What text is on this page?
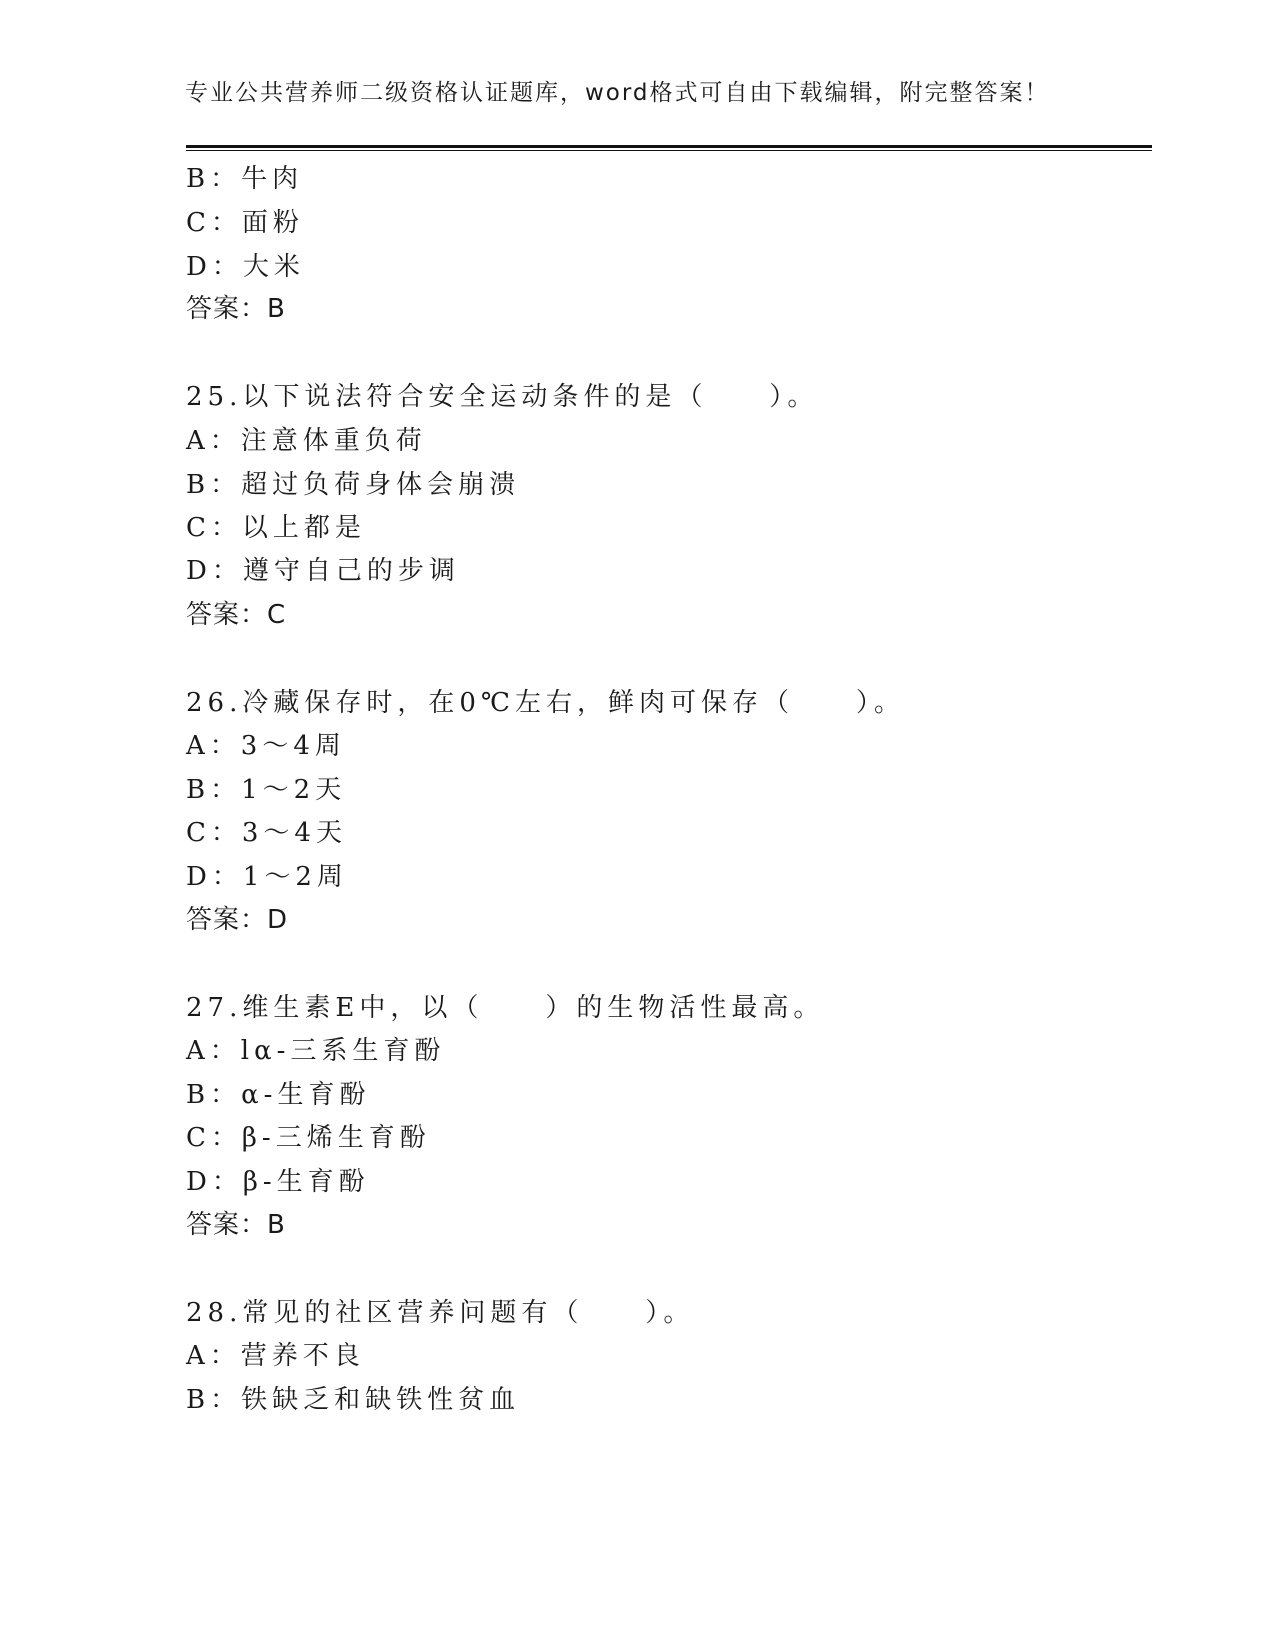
专业公共营养师二级资格认证题库，word格式可自由下载编辑，附完整答案！
B：牛肉
C：面粉
D：大米
答案：B
25.以下说法符合安全运动条件的是（　　）。
A：注意体重负荷
B：超过负荷身体会崩溃
C：以上都是
D：遵守自己的步调
答案：C
26.冷藏保存时，在0℃左右，鲜肉可保存（　　）。
A：3～4周
B：1～2天
C：3～4天
D：1～2周
答案：D
27.维生素E中，以（　　）的生物活性最高。
A：lα-三系生育酚
B：α-生育酚
C：β-三烯生育酚
D：β-生育酚
答案：B
28.常见的社区营养问题有（　　）。
A：营养不良
B：铁缺乏和缺铁性贫血
